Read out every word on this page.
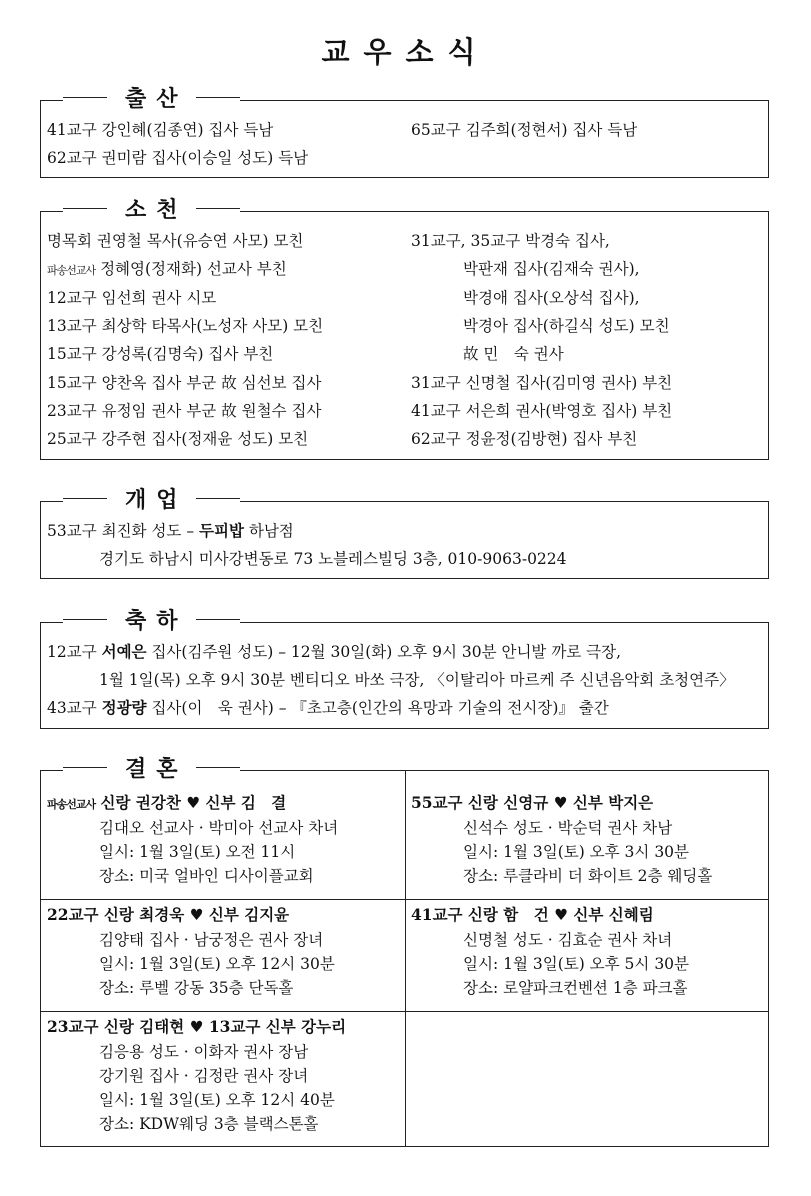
교우소식
출산
41교구 강인혜(김종연) 집사 득남
62교구 권미람 집사(이승일 성도) 득남
65교구 김주희(정현서) 집사 득남
소천
명목회 권영철 목사(유승연 사모) 모친
파송선교사 정혜영(정재화) 선교사 부친
12교구 임선희 권사 시모
13교구 최상학 타목사(노성자 사모) 모친
15교구 강성록(김명숙) 집사 부친
15교구 양찬옥 집사 부군 故 심선보 집사
23교구 유정임 권사 부군 故 원철수 집사
25교구 강주현 집사(정재윤 성도) 모친
31교구, 35교구 박경숙 집사,
박판재 집사(김재숙 권사),
박경애 집사(오상석 집사),
박경아 집사(하길식 성도) 모친
故 민　숙 권사
31교구 신명철 집사(김미영 권사) 부친
41교구 서은희 권사(박영호 집사) 부친
62교구 정윤정(김방현) 집사 부친
개업
53교구 최진화 성도 – 두피밥 하남점
경기도 하남시 미사강변동로 73 노블레스빌딩 3층, 010-9063-0224
축하
12교구 서예은 집사(김주원 성도) – 12월 30일(화) 오후 9시 30분 안니발 까로 극장,
1월 1일(목) 오후 9시 30분 벤티디오 바쏘 극장, 〈이탈리아 마르케 주 신년음악회 초청연주〉
43교구 정광량 집사(이　욱 권사) – 『초고층(인간의 욕망과 기술의 전시장)』 출간
결혼
파송선교사 신랑 권강찬 ♥ 신부 김　결
김대오 선교사 · 박미아 선교사 차녀
일시: 1월 3일(토) 오전 11시
장소: 미국 얼바인 디사이플교회
55교구 신랑 신영규 ♥ 신부 박지은
신석수 성도 · 박순덕 권사 차남
일시: 1월 3일(토) 오후 3시 30분
장소: 루클라비 더 화이트 2층 웨딩홀
22교구 신랑 최경욱 ♥ 신부 김지윤
김양태 집사 · 남궁정은 권사 장녀
일시: 1월 3일(토) 오후 12시 30분
장소: 루벨 강동 35층 단독홀
41교구 신랑 함　건 ♥ 신부 신혜림
신명철 성도 · 김효순 권사 차녀
일시: 1월 3일(토) 오후 5시 30분
장소: 로얄파크컨벤션 1층 파크홀
23교구 신랑 김태현 ♥ 13교구 신부 강누리
김응용 성도 · 이화자 권사 장남
강기원 집사 · 김정란 권사 장녀
일시: 1월 3일(토) 오후 12시 40분
장소: KDW웨딩 3층 블랙스톤홀
